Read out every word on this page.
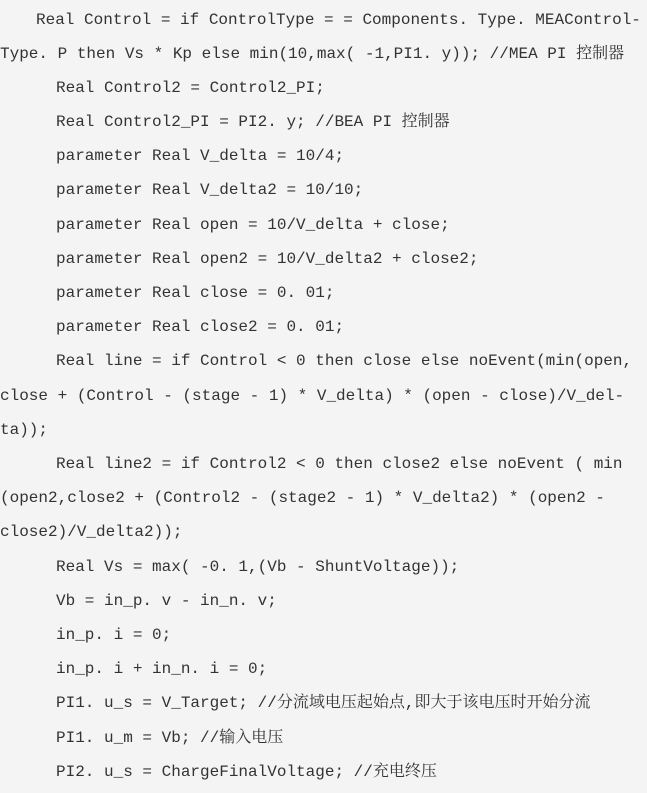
Real Control = if ControlType = = Components. Type. MEAControl-
Type. P then Vs * Kp else min(10,max( -1,PI1. y)); //MEA PI 控制器
Real Control2 = Control2_PI;
Real Control2_PI = PI2. y; //BEA PI 控制器
parameter Real V_delta = 10/4;
parameter Real V_delta2 = 10/10;
parameter Real open = 10/V_delta + close;
parameter Real open2 = 10/V_delta2 + close2;
parameter Real close = 0. 01;
parameter Real close2 = 0. 01;
Real line = if Control < 0 then close else noEvent(min(open,
close + (Control - (stage - 1) * V_delta) * (open - close)/V_del-
ta));
Real line2 = if Control2 < 0 then close2 else noEvent ( min
(open2,close2 + (Control2 - (stage2 - 1) * V_delta2) * (open2 -
close2)/V_delta2));
Real Vs = max( -0. 1,(Vb - ShuntVoltage));
Vb = in_p. v - in_n. v;
in_p. i = 0;
in_p. i + in_n. i = 0;
PI1. u_s = V_Target; //分流域电压起始点,即大于该电压时开始分流
PI1. u_m = Vb; //输入电压
PI2. u_s = ChargeFinalVoltage; //充电终压
